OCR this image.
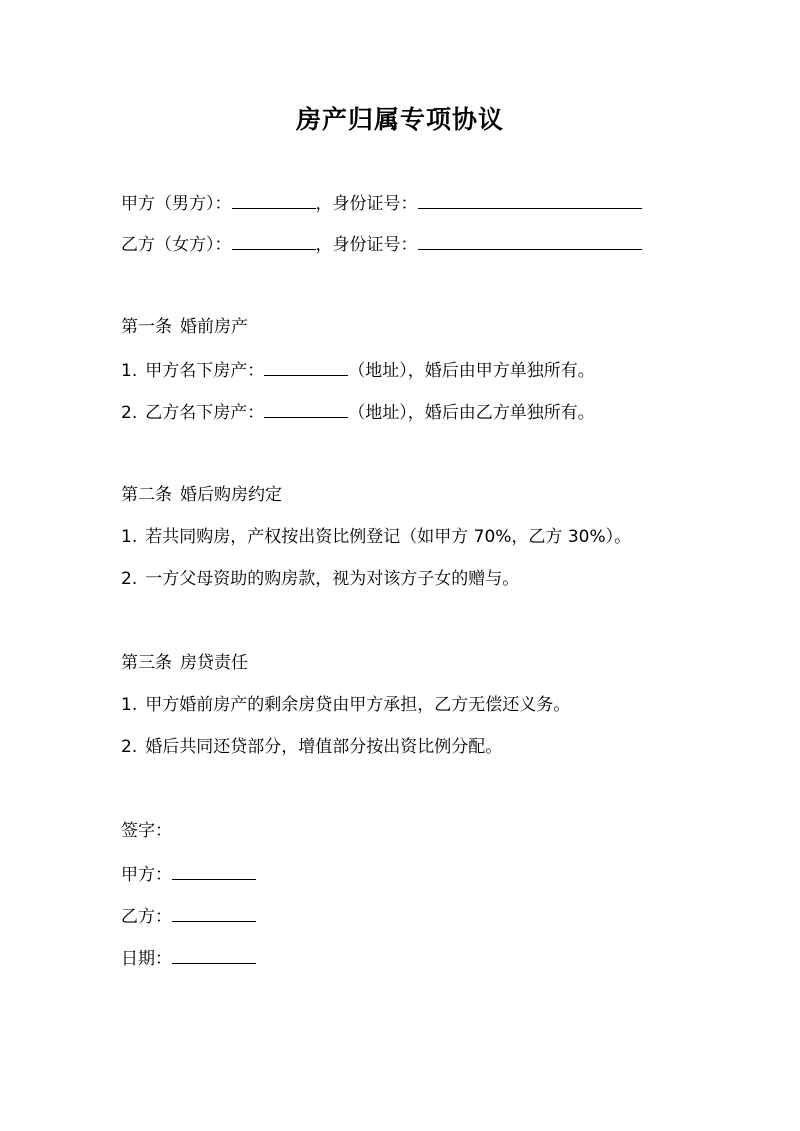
房产归属专项协议
甲方（男方）：	，身份证号：
乙方（女方）：	，身份证号：
第一条 婚前房产
1. 甲方名下房产：	（地址），婚后由甲方单独所有。
2. 乙方名下房产：	（地址），婚后由乙方单独所有。
第二条 婚后购房约定
1. 若共同购房，产权按出资比例登记（如甲方 70%，乙方 30%）。
2. 一方父母资助的购房款，视为对该方子女的赠与。
第三条 房贷责任
1. 甲方婚前房产的剩余房贷由甲方承担，乙方无偿还义务。
2. 婚后共同还贷部分，增值部分按出资比例分配。
签字：
甲方：
乙方：
日期：
